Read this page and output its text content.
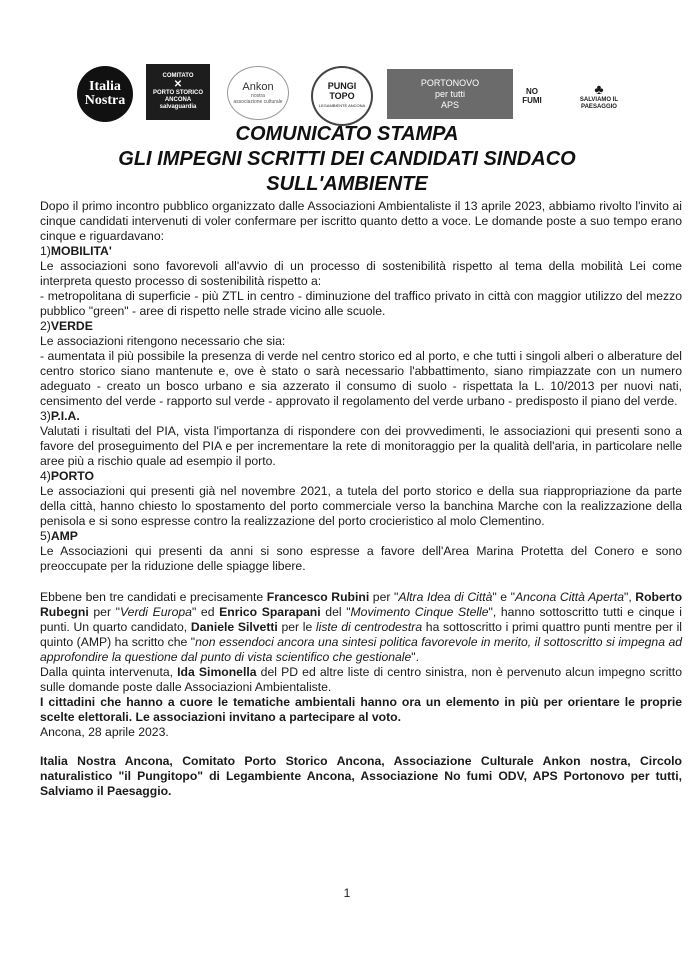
Italia
Nostra
COMITATO
✕
PORTO STORICO
ANCONA
salvaguardia
Ankon
nostra
associazione culturale
PUNGI
TOPO
LEGAMBIENTE ANCONA
PORTONOVO
per tutti
APS
NO
FUMI
♣
SALVIAMO IL
PAESAGGIO
COMUNICATO STAMPA
GLI IMPEGNI SCRITTI DEI CANDIDATI SINDACO
SULL'AMBIENTE

Dopo il primo incontro pubblico organizzato dalle Associazioni Ambientaliste il 13 aprile 2023, abbiamo rivolto l'invito ai cinque candidati intervenuti di voler confermare per iscritto quanto detto a voce. Le domande poste a suo tempo erano cinque e riguardavano:

1)MOBILITA'

Le associazioni sono favorevoli all'avvio di un processo di sostenibilità rispetto al tema della mobilità Lei come interpreta questo processo di sostenibilità rispetto a:

- metropolitana di superficie - più ZTL in centro - diminuzione del traffico privato in città con maggior utilizzo del mezzo pubblico "green" - aree di rispetto nelle strade vicino alle scuole.

2)VERDE

Le associazioni ritengono necessario che sia:

- aumentata il più possibile la presenza di verde nel centro storico ed al porto, e che tutti i singoli alberi o alberature del centro storico siano mantenute e, ove è stato o sarà necessario l'abbattimento, siano rimpiazzate con un numero adeguato - creato un bosco urbano e sia azzerato il consumo di suolo - rispettata la L. 10/2013 per nuovi nati, censimento del verde - rapporto sul verde - approvato il regolamento del verde urbano - predisposto il piano del verde.

3)P.I.A.

Valutati i risultati del PIA, vista l'importanza di rispondere con dei provvedimenti, le associazioni qui presenti sono a favore del proseguimento del PIA e per incrementare la rete di monitoraggio per la qualità dell'aria, in particolare nelle aree più a rischio quale ad esempio il porto.

4)PORTO

Le associazioni qui presenti già nel novembre 2021, a tutela del porto storico e della sua riappropriazione da parte della città, hanno chiesto lo spostamento del porto commerciale verso la banchina Marche con la realizzazione della penisola e si sono espresse contro la realizzazione del porto crocieristico al molo Clementino.

5)AMP

Le Associazioni qui presenti da anni si sono espresse a favore dell'Area Marina Protetta del Conero e sono preoccupate per la riduzione delle spiagge libere.

Ebbene ben tre candidati e precisamente Francesco Rubini per "Altra Idea di Città" e "Ancona Città Aperta", Roberto Rubegni per "Verdi Europa" ed Enrico Sparapani del "Movimento Cinque Stelle", hanno sottoscritto tutti e cinque i punti. Un quarto candidato, Daniele Silvetti per le liste di centrodestra ha sottoscritto i primi quattro punti mentre per il quinto (AMP) ha scritto che "non essendoci ancora una sintesi politica favorevole in merito, il sottoscritto si impegna ad approfondire la questione dal punto di vista scientifico che gestionale".

Dalla quinta intervenuta, Ida Simonella del PD ed altre liste di centro sinistra, non è pervenuto alcun impegno scritto sulle domande poste dalle Associazioni Ambientaliste.

I cittadini che hanno a cuore le tematiche ambientali hanno ora un elemento in più per orientare le proprie scelte elettorali. Le associazioni invitano a partecipare al voto.

Ancona, 28 aprile 2023.

Italia Nostra Ancona, Comitato Porto Storico Ancona, Associazione Culturale Ankon nostra, Circolo naturalistico "il Pungitopo" di Legambiente Ancona, Associazione No fumi ODV, APS Portonovo per tutti, Salviamo il Paesaggio.

1
